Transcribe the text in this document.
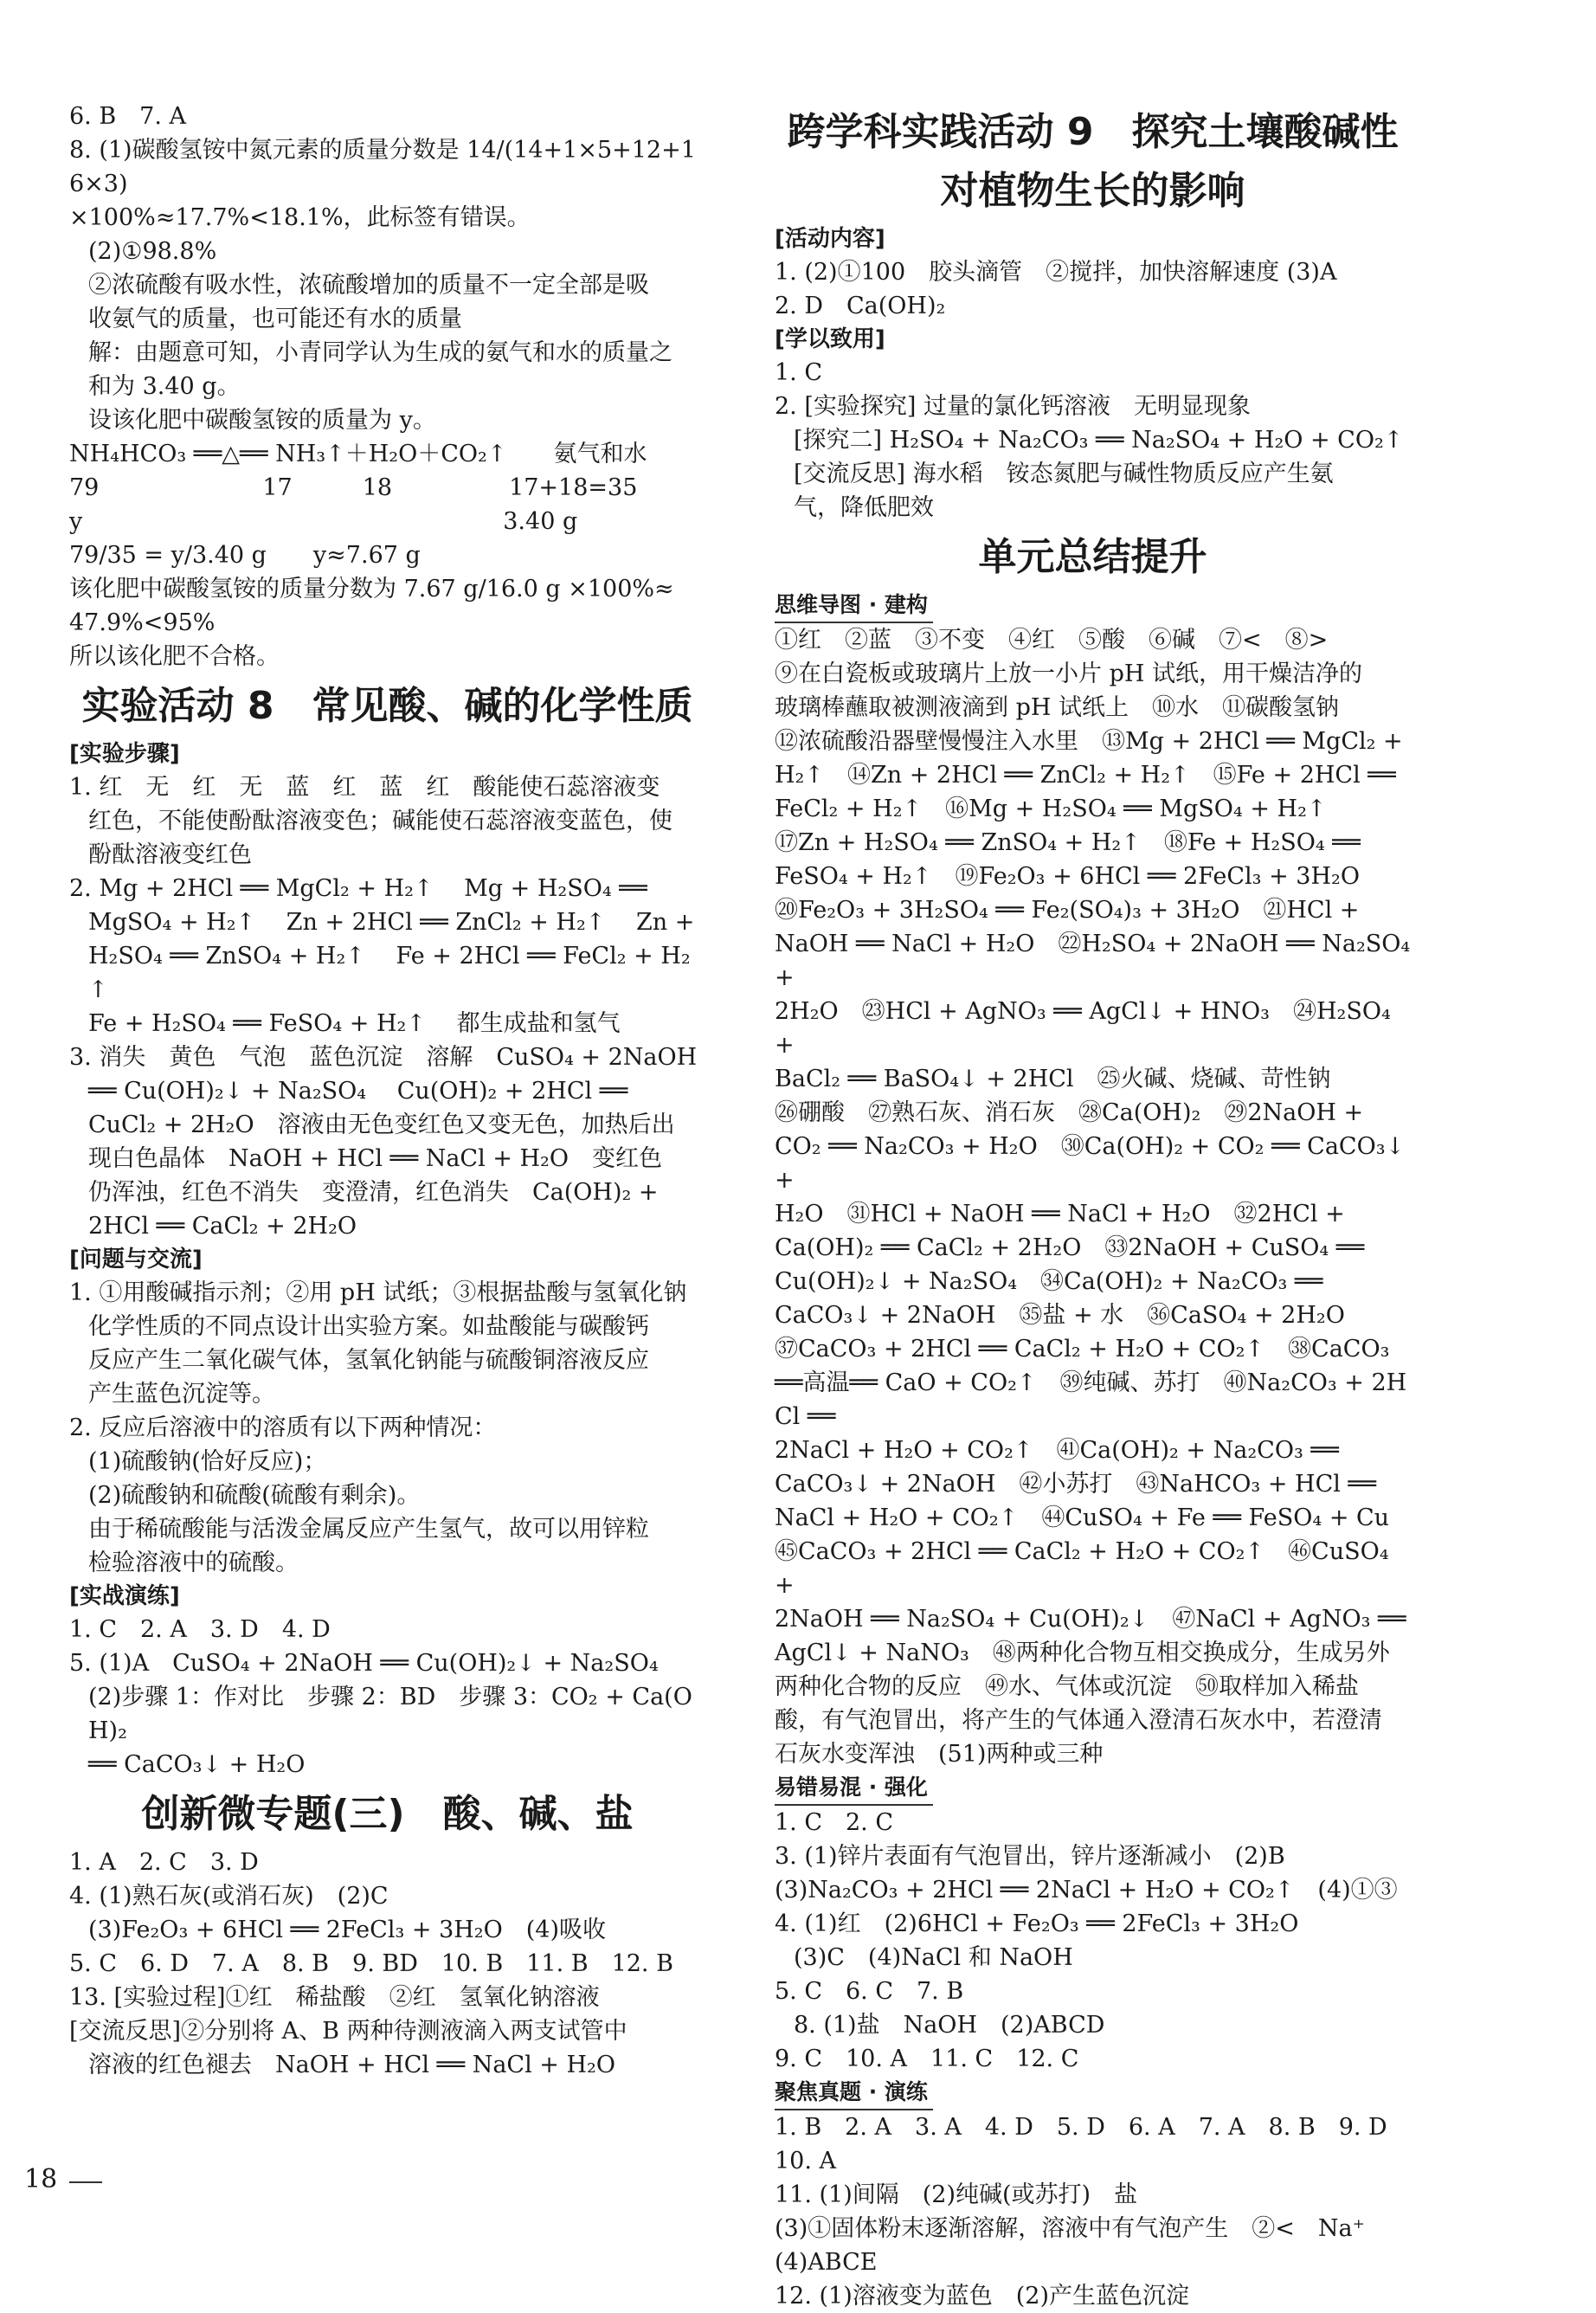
6. B　7. A
8. (1)碳酸氢铵中氮元素的质量分数是 14/(14+1×5+12+16×3)
×100%≈17.7%<18.1%，此标签有错误。
(2)①98.8%
②浓硫酸有吸水性，浓硫酸增加的质量不一定全部是吸
收氨气的质量，也可能还有水的质量
解：由题意可知，小青同学认为生成的氨气和水的质量之
和为 3.40 g。
设该化肥中碳酸氢铵的质量为 y。
NH₄HCO₃ ══△══ NH₃↑＋H₂O＋CO₂↑　　氨气和水
79　　　　　　　17　　　18　　　　　17+18=35
y　　　　　　　　　　　　　　　　　　3.40 g
79/35 = y/3.40 g　　y≈7.67 g
该化肥中碳酸氢铵的质量分数为 7.67 g/16.0 g ×100%≈
47.9%<95%
所以该化肥不合格。
实验活动 8　常见酸、碱的化学性质
[实验步骤]
1. 红　无　红　无　蓝　红　蓝　红　酸能使石蕊溶液变
红色，不能使酚酞溶液变色；碱能使石蕊溶液变蓝色，使
酚酞溶液变红色
2. Mg + 2HCl ══ MgCl₂ + H₂↑　 Mg + H₂SO₄ ══
MgSO₄ + H₂↑　 Zn + 2HCl ══ ZnCl₂ + H₂↑　 Zn +
H₂SO₄ ══ ZnSO₄ + H₂↑　 Fe + 2HCl ══ FeCl₂ + H₂↑
Fe + H₂SO₄ ══ FeSO₄ + H₂↑　 都生成盐和氢气
3. 消失　黄色　气泡　蓝色沉淀　溶解　CuSO₄ + 2NaOH
══ Cu(OH)₂↓ + Na₂SO₄　 Cu(OH)₂ + 2HCl ══
CuCl₂ + 2H₂O　溶液由无色变红色又变无色，加热后出
现白色晶体　NaOH + HCl ══ NaCl + H₂O　变红色
仍浑浊，红色不消失　变澄清，红色消失　Ca(OH)₂ +
2HCl ══ CaCl₂ + 2H₂O
[问题与交流]
1. ①用酸碱指示剂；②用 pH 试纸；③根据盐酸与氢氧化钠
化学性质的不同点设计出实验方案。如盐酸能与碳酸钙
反应产生二氧化碳气体，氢氧化钠能与硫酸铜溶液反应
产生蓝色沉淀等。
2. 反应后溶液中的溶质有以下两种情况：
(1)硫酸钠(恰好反应)；
(2)硫酸钠和硫酸(硫酸有剩余)。
由于稀硫酸能与活泼金属反应产生氢气，故可以用锌粒
检验溶液中的硫酸。
[实战演练]
1. C　2. A　3. D　4. D
5. (1)A　CuSO₄ + 2NaOH ══ Cu(OH)₂↓ + Na₂SO₄
(2)步骤 1：作对比　步骤 2：BD　步骤 3：CO₂ + Ca(OH)₂
══ CaCO₃↓ + H₂O
创新微专题(三)　酸、碱、盐
1. A　2. C　3. D
4. (1)熟石灰(或消石灰)　(2)C
(3)Fe₂O₃ + 6HCl ══ 2FeCl₃ + 3H₂O　(4)吸收
5. C　6. D　7. A　8. B　9. BD　10. B　11. B　12. B
13. [实验过程]①红　稀盐酸　②红　氢氧化钠溶液
[交流反思]②分别将 A、B 两种待测液滴入两支试管中
溶液的红色褪去　NaOH + HCl ══ NaCl + H₂O
跨学科实践活动 9　探究土壤酸碱性
对植物生长的影响
[活动内容]
1. (2)①100　胶头滴管　②搅拌，加快溶解速度 (3)A
2. D　Ca(OH)₂
[学以致用]
1. C
2. [实验探究] 过量的氯化钙溶液　无明显现象
[探究二] H₂SO₄ + Na₂CO₃ ══ Na₂SO₄ + H₂O + CO₂↑
[交流反思] 海水稻　铵态氮肥与碱性物质反应产生氨
气，降低肥效
单元总结提升
思维导图 · 建构
①红　②蓝　③不变　④红　⑤酸　⑥碱　⑦<　⑧>
⑨在白瓷板或玻璃片上放一小片 pH 试纸，用干燥洁净的
玻璃棒蘸取被测液滴到 pH 试纸上　⑩水　⑪碳酸氢钠
⑫浓硫酸沿器壁慢慢注入水里　⑬Mg + 2HCl ══ MgCl₂ +
H₂↑　⑭Zn + 2HCl ══ ZnCl₂ + H₂↑　⑮Fe + 2HCl ══
FeCl₂ + H₂↑　⑯Mg + H₂SO₄ ══ MgSO₄ + H₂↑
⑰Zn + H₂SO₄ ══ ZnSO₄ + H₂↑　⑱Fe + H₂SO₄ ══
FeSO₄ + H₂↑　⑲Fe₂O₃ + 6HCl ══ 2FeCl₃ + 3H₂O
⑳Fe₂O₃ + 3H₂SO₄ ══ Fe₂(SO₄)₃ + 3H₂O　㉑HCl +
NaOH ══ NaCl + H₂O　㉒H₂SO₄ + 2NaOH ══ Na₂SO₄ +
2H₂O　㉓HCl + AgNO₃ ══ AgCl↓ + HNO₃　㉔H₂SO₄ +
BaCl₂ ══ BaSO₄↓ + 2HCl　㉕火碱、烧碱、苛性钠
㉖硼酸　㉗熟石灰、消石灰　㉘Ca(OH)₂　㉙2NaOH +
CO₂ ══ Na₂CO₃ + H₂O　㉚Ca(OH)₂ + CO₂ ══ CaCO₃↓ +
H₂O　㉛HCl + NaOH ══ NaCl + H₂O　㉜2HCl +
Ca(OH)₂ ══ CaCl₂ + 2H₂O　㉝2NaOH + CuSO₄ ══
Cu(OH)₂↓ + Na₂SO₄　㉞Ca(OH)₂ + Na₂CO₃ ══
CaCO₃↓ + 2NaOH　㉟盐 + 水　㊱CaSO₄ + 2H₂O
㊲CaCO₃ + 2HCl ══ CaCl₂ + H₂O + CO₂↑　㊳CaCO₃
══高温══ CaO + CO₂↑　㊴纯碱、苏打　㊵Na₂CO₃ + 2HCl ══
2NaCl + H₂O + CO₂↑　㊶Ca(OH)₂ + Na₂CO₃ ══
CaCO₃↓ + 2NaOH　㊷小苏打　㊸NaHCO₃ + HCl ══
NaCl + H₂O + CO₂↑　㊹CuSO₄ + Fe ══ FeSO₄ + Cu
㊺CaCO₃ + 2HCl ══ CaCl₂ + H₂O + CO₂↑　㊻CuSO₄ +
2NaOH ══ Na₂SO₄ + Cu(OH)₂↓　㊼NaCl + AgNO₃ ══
AgCl↓ + NaNO₃　㊽两种化合物互相交换成分，生成另外
两种化合物的反应　㊾水、气体或沉淀　㊿取样加入稀盐
酸，有气泡冒出，将产生的气体通入澄清石灰水中，若澄清
石灰水变浑浊　(51)两种或三种
易错易混 · 强化
1. C　2. C
3. (1)锌片表面有气泡冒出，锌片逐渐减小　(2)B
(3)Na₂CO₃ + 2HCl ══ 2NaCl + H₂O + CO₂↑　(4)①③
4. (1)红　(2)6HCl + Fe₂O₃ ══ 2FeCl₃ + 3H₂O
(3)C　(4)NaCl 和 NaOH
5. C　6. C　7. B
8. (1)盐　NaOH　(2)ABCD
9. C　10. A　11. C　12. C
聚焦真题 · 演练
1. B　2. A　3. A　4. D　5. D　6. A　7. A　8. B　9. D　10. A
11. (1)间隔　(2)纯碱(或苏打)　盐
(3)①固体粉末逐渐溶解，溶液中有气泡产生　②<　Na⁺
(4)ABCE
12. (1)溶液变为蓝色　(2)产生蓝色沉淀
18
